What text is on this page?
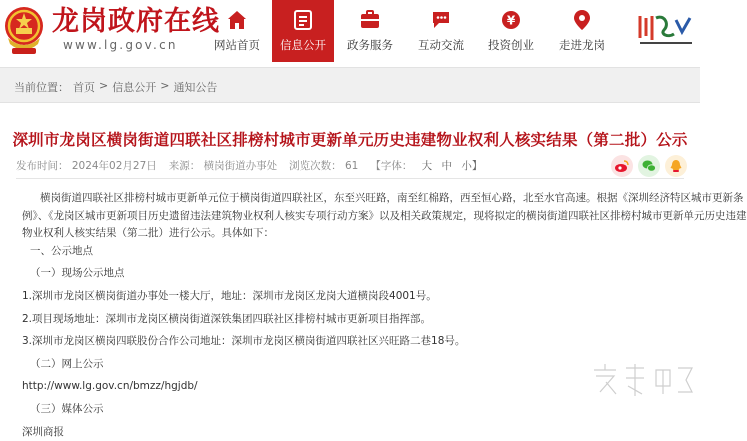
龙岗政府在线
www.lg.gov.cn	网站首页 信息公开 政务服务 互动交流
¥
投资创业 走进龙岗
当前位置： 首页 > 信息公开 > 通知公告
深圳市龙岗区横岗街道四联社区排榜村城市更新单元历史违建物业权利人核实结果（第二批）公示
发布时间： 2024年02月27日 来源： 横岗街道办事处 浏览次数： 61 【字体： 大 中 小】

横岗街道四联社区排榜村城市更新单元位于横岗街道四联社区，东至兴旺路，南至红棉路，西至恒心路，北至水官高速。根据《深圳经济特区城市更新条

例》、《龙岗区城市更新项目历史遗留违法建筑物业权利人核实专项行动方案》以及相关政策规定，现将拟定的横岗街道四联社区排榜村城市更新单元历史违建

物业权利人核实结果（第二批）进行公示。具体如下：

一、公示地点

（一）现场公示地点

1.深圳市龙岗区横岗街道办事处一楼大厅，地址：深圳市龙岗区龙岗大道横岗段4001号。

2.项目现场地址：深圳市龙岗区横岗街道深铁集团四联社区排榜村城市更新项目指挥部。

3.深圳市龙岗区横岗四联股份合作公司地址：深圳市龙岗区横岗街道四联社区兴旺路二巷18号。

（二）网上公示

http://www.lg.gov.cn/bmzz/hgjdb/

（三）媒体公示

深圳商报
